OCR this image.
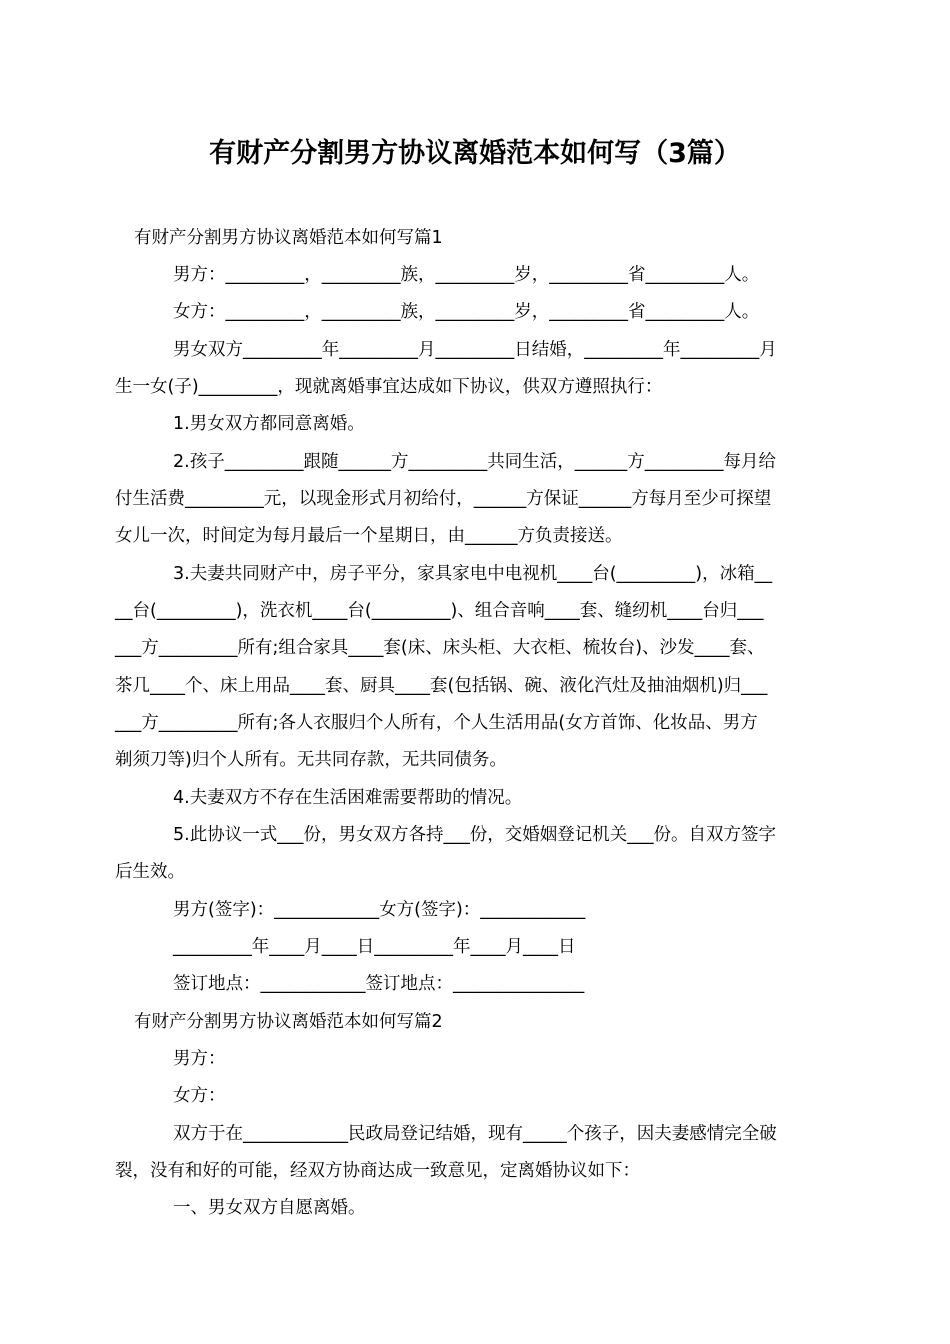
有财产分割男方协议离婚范本如何写（3篇）
有财产分割男方协议离婚范本如何写篇1
男方：_________，_________族，_________岁，_________省_________人。
女方：_________，_________族，_________岁，_________省_________人。
男女双方_________年_________月_________日结婚，_________年_________月
生一女(子)_________，现就离婚事宜达成如下协议，供双方遵照执行：
1.男女双方都同意离婚。
2.孩子_________跟随______方_________共同生活，______方_________每月给
付生活费_________元，以现金形式月初给付，______方保证______方每月至少可探望
女儿一次，时间定为每月最后一个星期日，由______方负责接送。
3.夫妻共同财产中，房子平分，家具家电中电视机____台(_________)，冰箱__
__台(_________)，洗衣机____台(_________)、组合音响____套、缝纫机____台归___
___方_________所有;组合家具____套(床、床头柜、大衣柜、梳妆台)、沙发____套、
茶几____个、床上用品____套、厨具____套(包括锅、碗、液化汽灶及抽油烟机)归___
___方_________所有;各人衣服归个人所有，个人生活用品(女方首饰、化妆品、男方
剃须刀等)归个人所有。无共同存款，无共同债务。
4.夫妻双方不存在生活困难需要帮助的情况。
5.此协议一式___份，男女双方各持___份，交婚姻登记机关___份。自双方签字
后生效。
男方(签字)：____________女方(签字)：____________
_________年____月____日_________年____月____日
签订地点：____________签订地点：_______________
有财产分割男方协议离婚范本如何写篇2
男方：
女方：
双方于在____________民政局登记结婚，现有_____个孩子，因夫妻感情完全破
裂，没有和好的可能，经双方协商达成一致意见，定离婚协议如下：
一、男女双方自愿离婚。
